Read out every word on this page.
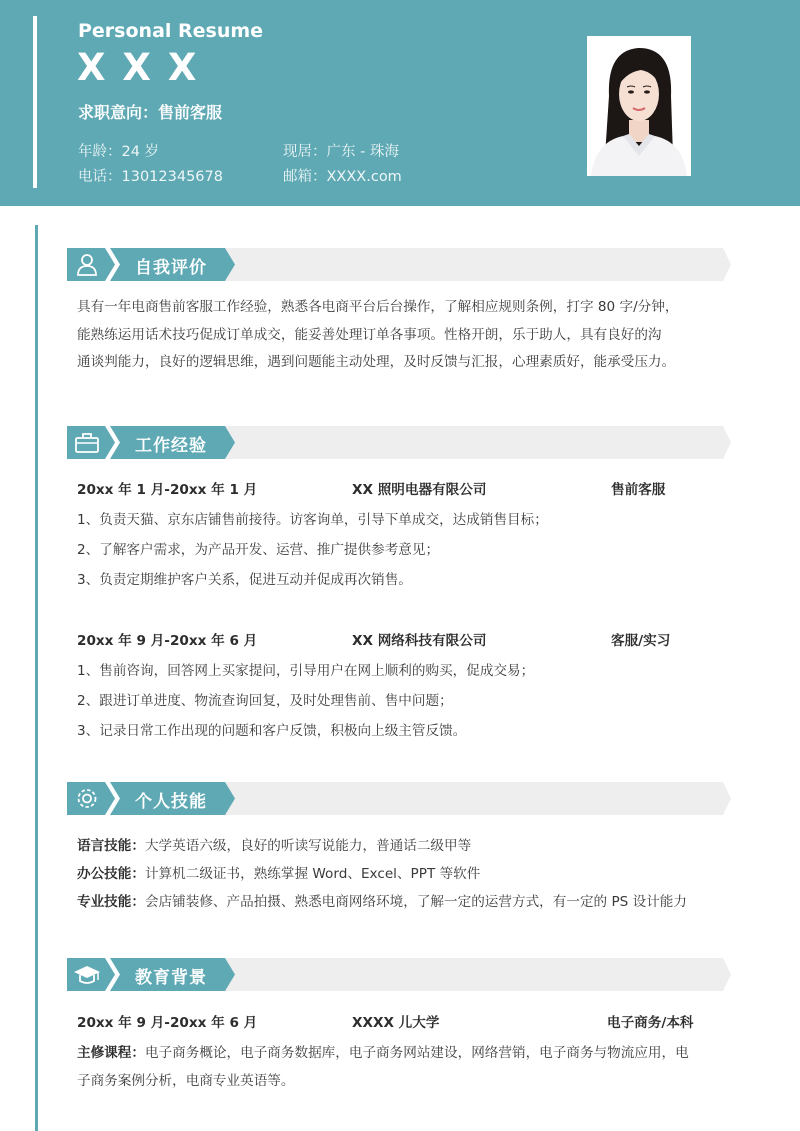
Personal Resume
X X X
求职意向：售前客服
年龄：24 岁	现居：广东 - 珠海
电话：13012345678	邮箱：XXXX.com
自我评价
具有一年电商售前客服工作经验，熟悉各电商平台后台操作，了解相应规则条例，打字 80 字/分钟，
能熟练运用话术技巧促成订单成交，能妥善处理订单各事项。性格开朗，乐于助人，具有良好的沟
通谈判能力，良好的逻辑思维，遇到问题能主动处理，及时反馈与汇报，心理素质好，能承受压力。
工作经验
20xx 年 1 月-20xx 年 1 月	XX 照明电器有限公司	售前客服
1、负责天猫、京东店铺售前接待。访客询单，引导下单成交，达成销售目标；
2、了解客户需求，为产品开发、运营、推广提供参考意见；
3、负责定期维护客户关系，促进互动并促成再次销售。
20xx 年 9 月-20xx 年 6 月	XX 网络科技有限公司	客服/实习
1、售前咨询，回答网上买家提问，引导用户在网上顺利的购买，促成交易；
2、跟进订单进度、物流查询回复，及时处理售前、售中问题；
3、记录日常工作出现的问题和客户反馈，积极向上级主管反馈。
个人技能
语言技能：大学英语六级，良好的听读写说能力，普通话二级甲等
办公技能：计算机二级证书，熟练掌握 Word、Excel、PPT 等软件
专业技能：会店铺装修、产品拍摄、熟悉电商网络环境，了解一定的运营方式，有一定的 PS 设计能力
教育背景
20xx 年 9 月-20xx 年 6 月	XXXX 儿大学	电子商务/本科
主修课程：电子商务概论，电子商务数据库，电子商务网站建设，网络营销，电子商务与物流应用，电
子商务案例分析，电商专业英语等。
